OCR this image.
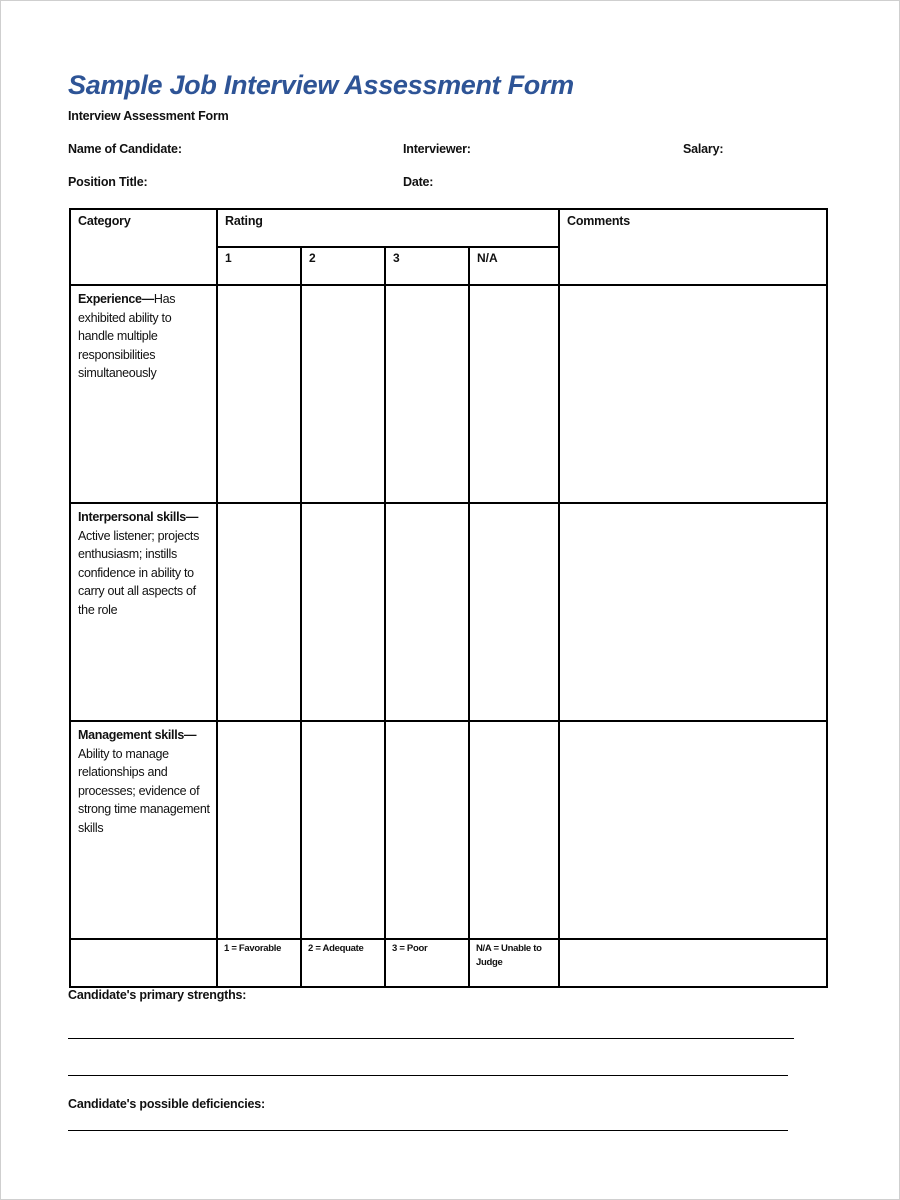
Sample Job Interview Assessment Form
Interview Assessment Form
Name of Candidate:	Interviewer:	Salary:
Position Title:	Date:
Category	Rating				Comments
	1	2	3	N/A	
Experience—Has exhibited ability to handle multiple responsibilities simultaneously					
Interpersonal skills—Active listener; projects enthusiasm; instills confidence in ability to carry out all aspects of the role					
Management skills—Ability to manage relationships and processes; evidence of strong time management skills					
	1 = Favorable	2 = Adequate	3 = Poor	N/A = Unable to Judge	
Candidate's primary strengths:
Candidate's possible deficiencies:
